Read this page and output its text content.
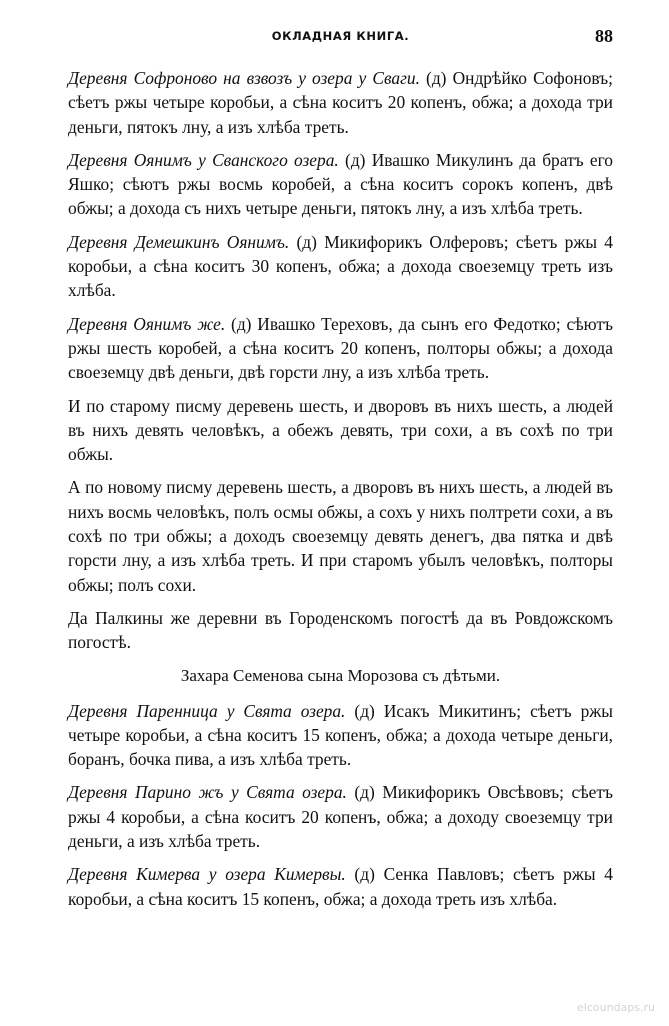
ОКЛАДНАЯ КНИГА.	88

Деревня Софроново на взвозъ у озера у Сваги. (д) Ондрѣйко Софоновъ; сѣетъ ржы четыре коробьи, а сѣна коситъ 20 копенъ, обжа; а дохода три деньги, пятокъ лну, а изъ хлѣба треть.

Деревня Оянимъ у Сванского озера. (д) Ивашко Микулинъ да братъ его Яшко; сѣютъ ржы восмь коробей, а сѣна коситъ сорокъ копенъ, двѣ обжы; а дохода съ нихъ четыре деньги, пятокъ лну, а изъ хлѣба треть.

Деревня Демешкинъ Оянимъ. (д) Микифорикъ Олферовъ; сѣетъ ржы 4 коробьи, а сѣна коситъ 30 копенъ, обжа; а дохода своеземцу треть изъ хлѣба.

Деревня Оянимъ же. (д) Ивашко Тереховъ, да сынъ его Федотко; сѣютъ ржы шесть коробей, а сѣна коситъ 20 копенъ, полторы обжы; а дохода своеземцу двѣ деньги, двѣ горсти лну, а изъ хлѣба треть.

И по старому писму деревень шесть, и дворовъ въ нихъ шесть, а людей въ нихъ девять человѣкъ, а обежъ девять, три сохи, а въ сохѣ по три обжы.

А по новому писму деревень шесть, а дворовъ въ нихъ шесть, а людей въ нихъ восмь человѣкъ, полъ осмы обжы, а сохъ у нихъ полтрети сохи, а въ сохѣ по три обжы; а доходъ своеземцу девять денегъ, два пятка и двѣ горсти лну, а изъ хлѣба треть. И при старомъ убылъ человѣкъ, полторы обжы; полъ сохи.

Да Палкины же деревни въ Городенскомъ погостѣ да въ Ровдожскомъ погостѣ.

Захара Семенова сына Морозова съ дѣтьми.

Деревня Паренница у Святa озера. (д) Исакъ Микитинъ; сѣетъ ржы четыре коробьи, а сѣна коситъ 15 копенъ, обжа; а дохода четыре деньги, боранъ, бочка пива, а изъ хлѣба треть.

Деревня Парино жъ у Свята озера. (д) Микифорикъ Овсѣвовъ; сѣетъ ржы 4 коробьи, а сѣна коситъ 20 копенъ, обжа; а доходу своеземцу три деньги, а изъ хлѣба треть.

Деревня Кимерва у озера Кимервы. (д) Сенка Павловъ; сѣетъ ржы 4 коробьи, а сѣна коситъ 15 копенъ, обжа; а дохода треть изъ хлѣба.

elcoundaps.ru
